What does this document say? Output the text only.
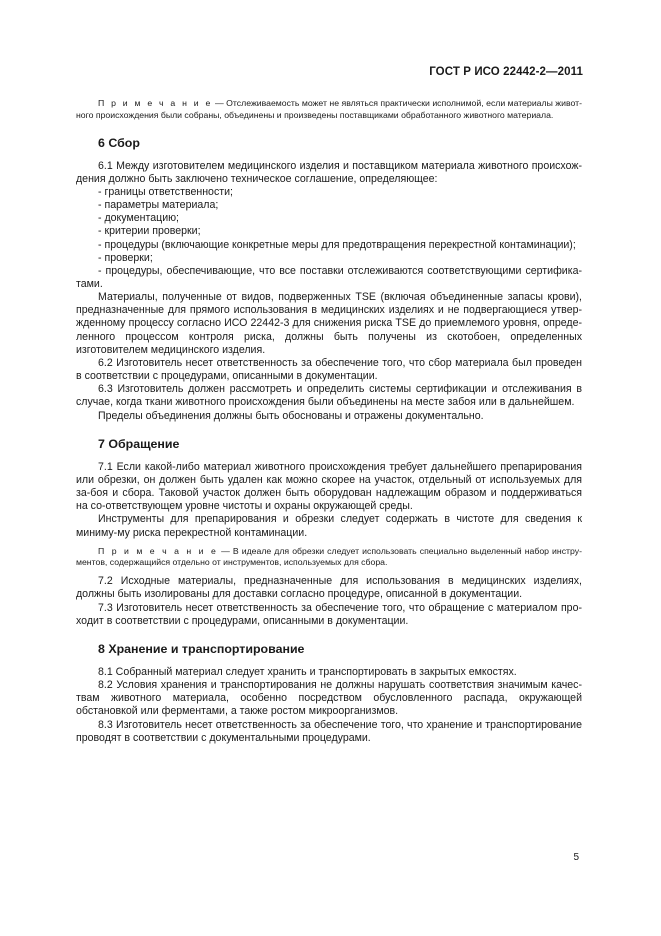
ГОСТ Р ИСО 22442-2—2011

П р и м е ч а н и е — Отслеживаемость может не являться практически исполнимой, если материалы живот-ного происхождения были собраны, объединены и произведены поставщиками обработанного животного материала.

6 Сбор

6.1 Между изготовителем медицинского изделия и поставщиком материала животного происхож-дения должно быть заключено техническое соглашение, определяющее:

- границы ответственности;

- параметры материала;

- документацию;

- критерии проверки;

- процедуры (включающие конкретные меры для предотвращения перекрестной контаминации);

- проверки;

- процедуры, обеспечивающие, что все поставки отслеживаются соответствующими сертифика-тами.

Материалы, полученные от видов, подверженных TSE (включая объединенные запасы крови), предназначенные для прямого использования в медицинских изделиях и не подвергающиеся утвер-жденному процессу согласно ИСО 22442-3 для снижения риска TSE до приемлемого уровня, опреде-ленного процессом контроля риска, должны быть получены из скотобоен, определенных изготовителем медицинского изделия.

6.2 Изготовитель несет ответственность за обеспечение того, что сбор материала был проведен в соответствии с процедурами, описанными в документации.

6.3 Изготовитель должен рассмотреть и определить системы сертификации и отслеживания в случае, когда ткани животного происхождения были объединены на месте забоя или в дальнейшем.

Пределы объединения должны быть обоснованы и отражены документально.

7 Обращение

7.1 Если какой-либо материал животного происхождения требует дальнейшего препарирования или обрезки, он должен быть удален как можно скорее на участок, отдельный от используемых для за-боя и сбора. Таковой участок должен быть оборудован надлежащим образом и поддерживаться на со-ответствующем уровне чистоты и охраны окружающей среды.

Инструменты для препарирования и обрезки следует содержать в чистоте для сведения к миниму-му риска перекрестной контаминации.

П р и м е ч а н и е — В идеале для обрезки следует использовать специально выделенный набор инстру-ментов, содержащийся отдельно от инструментов, используемых для сбора.

7.2 Исходные материалы, предназначенные для использования в медицинских изделиях, должны быть изолированы для доставки согласно процедуре, описанной в документации.

7.3 Изготовитель несет ответственность за обеспечение того, что обращение с материалом про-ходит в соответствии с процедурами, описанными в документации.

8 Хранение и транспортирование

8.1 Собранный материал следует хранить и транспортировать в закрытых емкостях.

8.2 Условия хранения и транспортирования не должны нарушать соответствия значимым качес-твам животного материала, особенно посредством обусловленного распада, окружающей обстановкой или ферментами, а также ростом микроорганизмов.

8.3 Изготовитель несет ответственность за обеспечение того, что хранение и транспортирование проводят в соответствии с документальными процедурами.

5
